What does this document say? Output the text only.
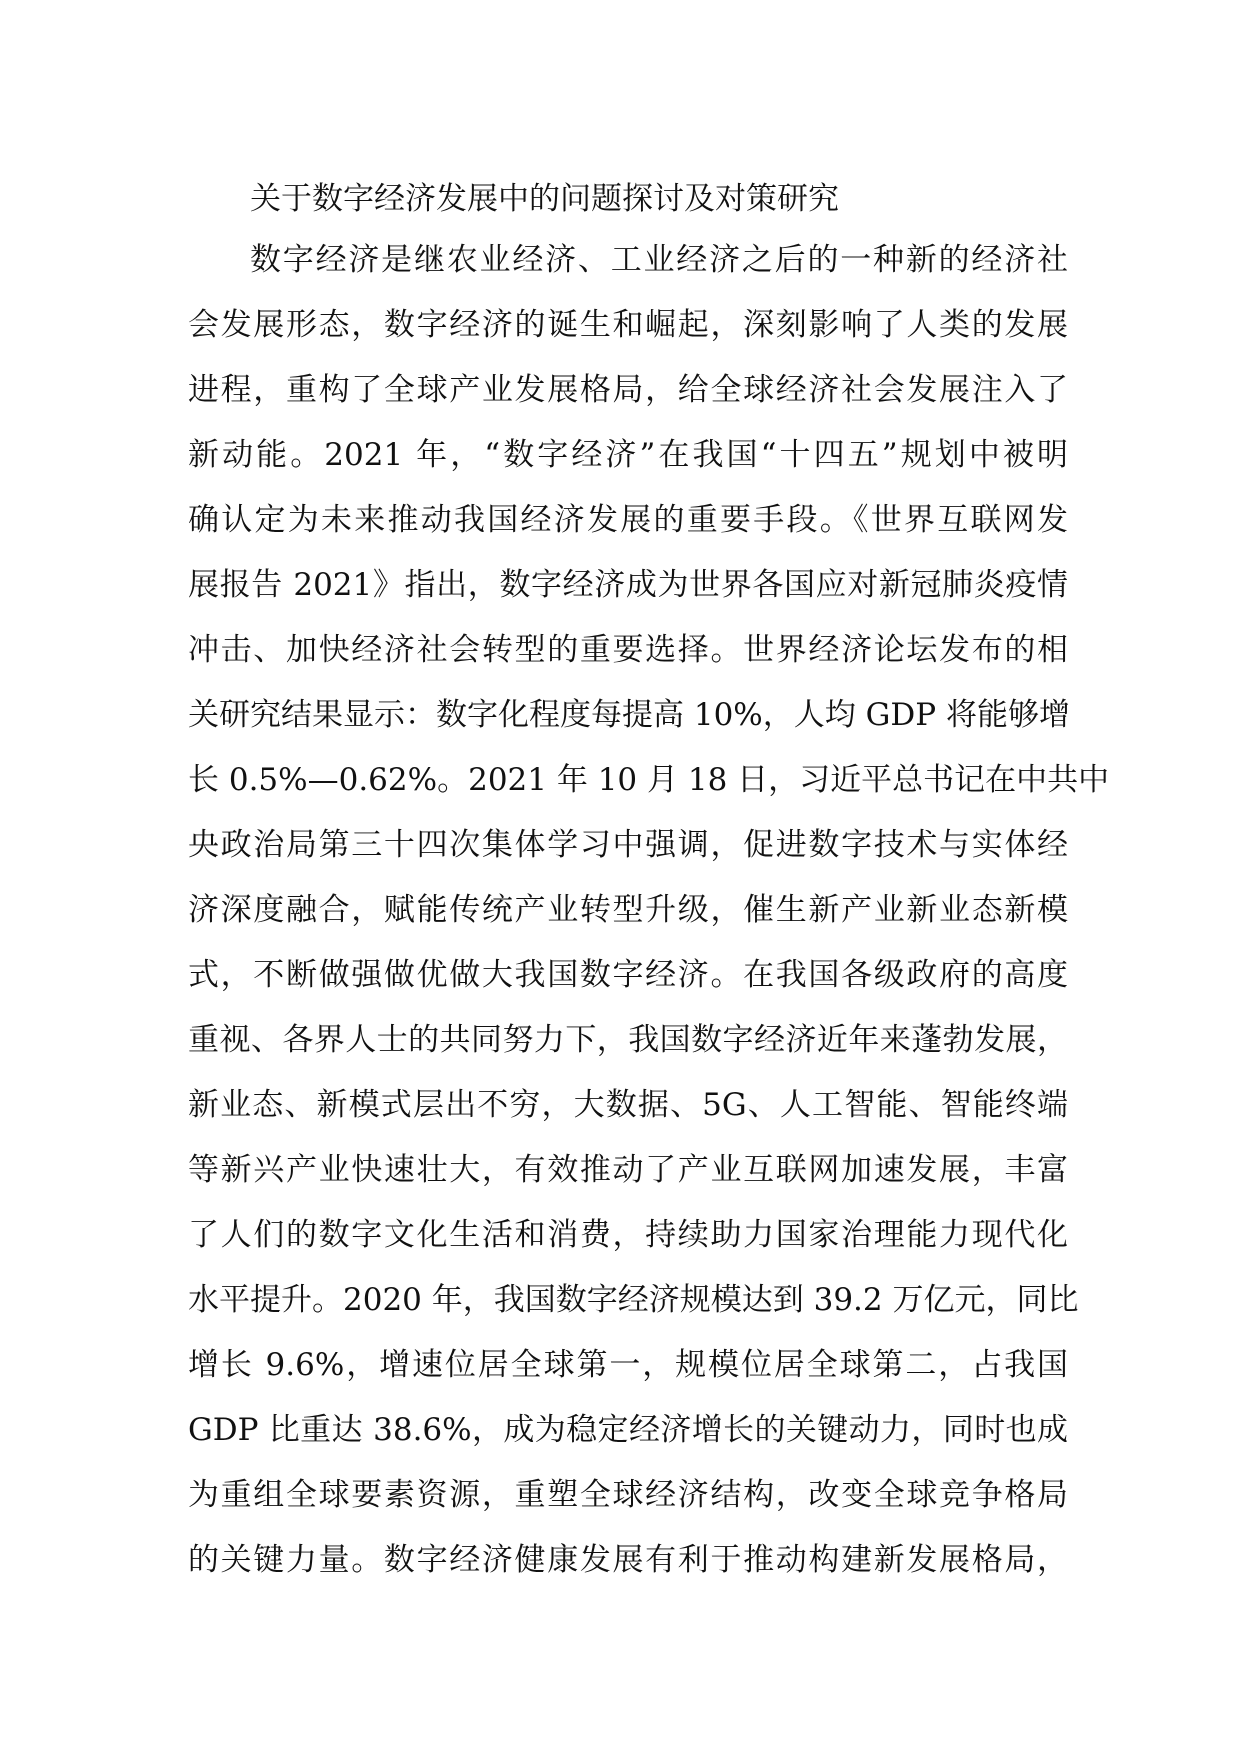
关于数字经济发展中的问题探讨及对策研究
数字经济是继农业经济、工业经济之后的一种新的经济社
会发展形态，数字经济的诞生和崛起，深刻影响了人类的发展
进程，重构了全球产业发展格局，给全球经济社会发展注入了
新动能。2021 年，“数字经济”在我国“十四五”规划中被明
确认定为未来推动我国经济发展的重要手段。《世界互联网发
展报告 2021》指出，数字经济成为世界各国应对新冠肺炎疫情
冲击、加快经济社会转型的重要选择。世界经济论坛发布的相
关研究结果显示：数字化程度每提高 10%，人均 GDP 将能够增
长 0.5%—0.62%。2021 年 10 月 18 日，习近平总书记在中共中
央政治局第三十四次集体学习中强调，促进数字技术与实体经
济深度融合，赋能传统产业转型升级，催生新产业新业态新模
式，不断做强做优做大我国数字经济。在我国各级政府的高度
重视、各界人士的共同努力下，我国数字经济近年来蓬勃发展，
新业态、新模式层出不穷，大数据、5G、人工智能、智能终端
等新兴产业快速壮大，有效推动了产业互联网加速发展，丰富
了人们的数字文化生活和消费，持续助力国家治理能力现代化
水平提升。2020 年，我国数字经济规模达到 39.2 万亿元，同比
增长 9.6%，增速位居全球第一，规模位居全球第二，占我国
GDP 比重达 38.6%，成为稳定经济增长的关键动力，同时也成
为重组全球要素资源，重塑全球经济结构，改变全球竞争格局
的关键力量。数字经济健康发展有利于推动构建新发展格局，
